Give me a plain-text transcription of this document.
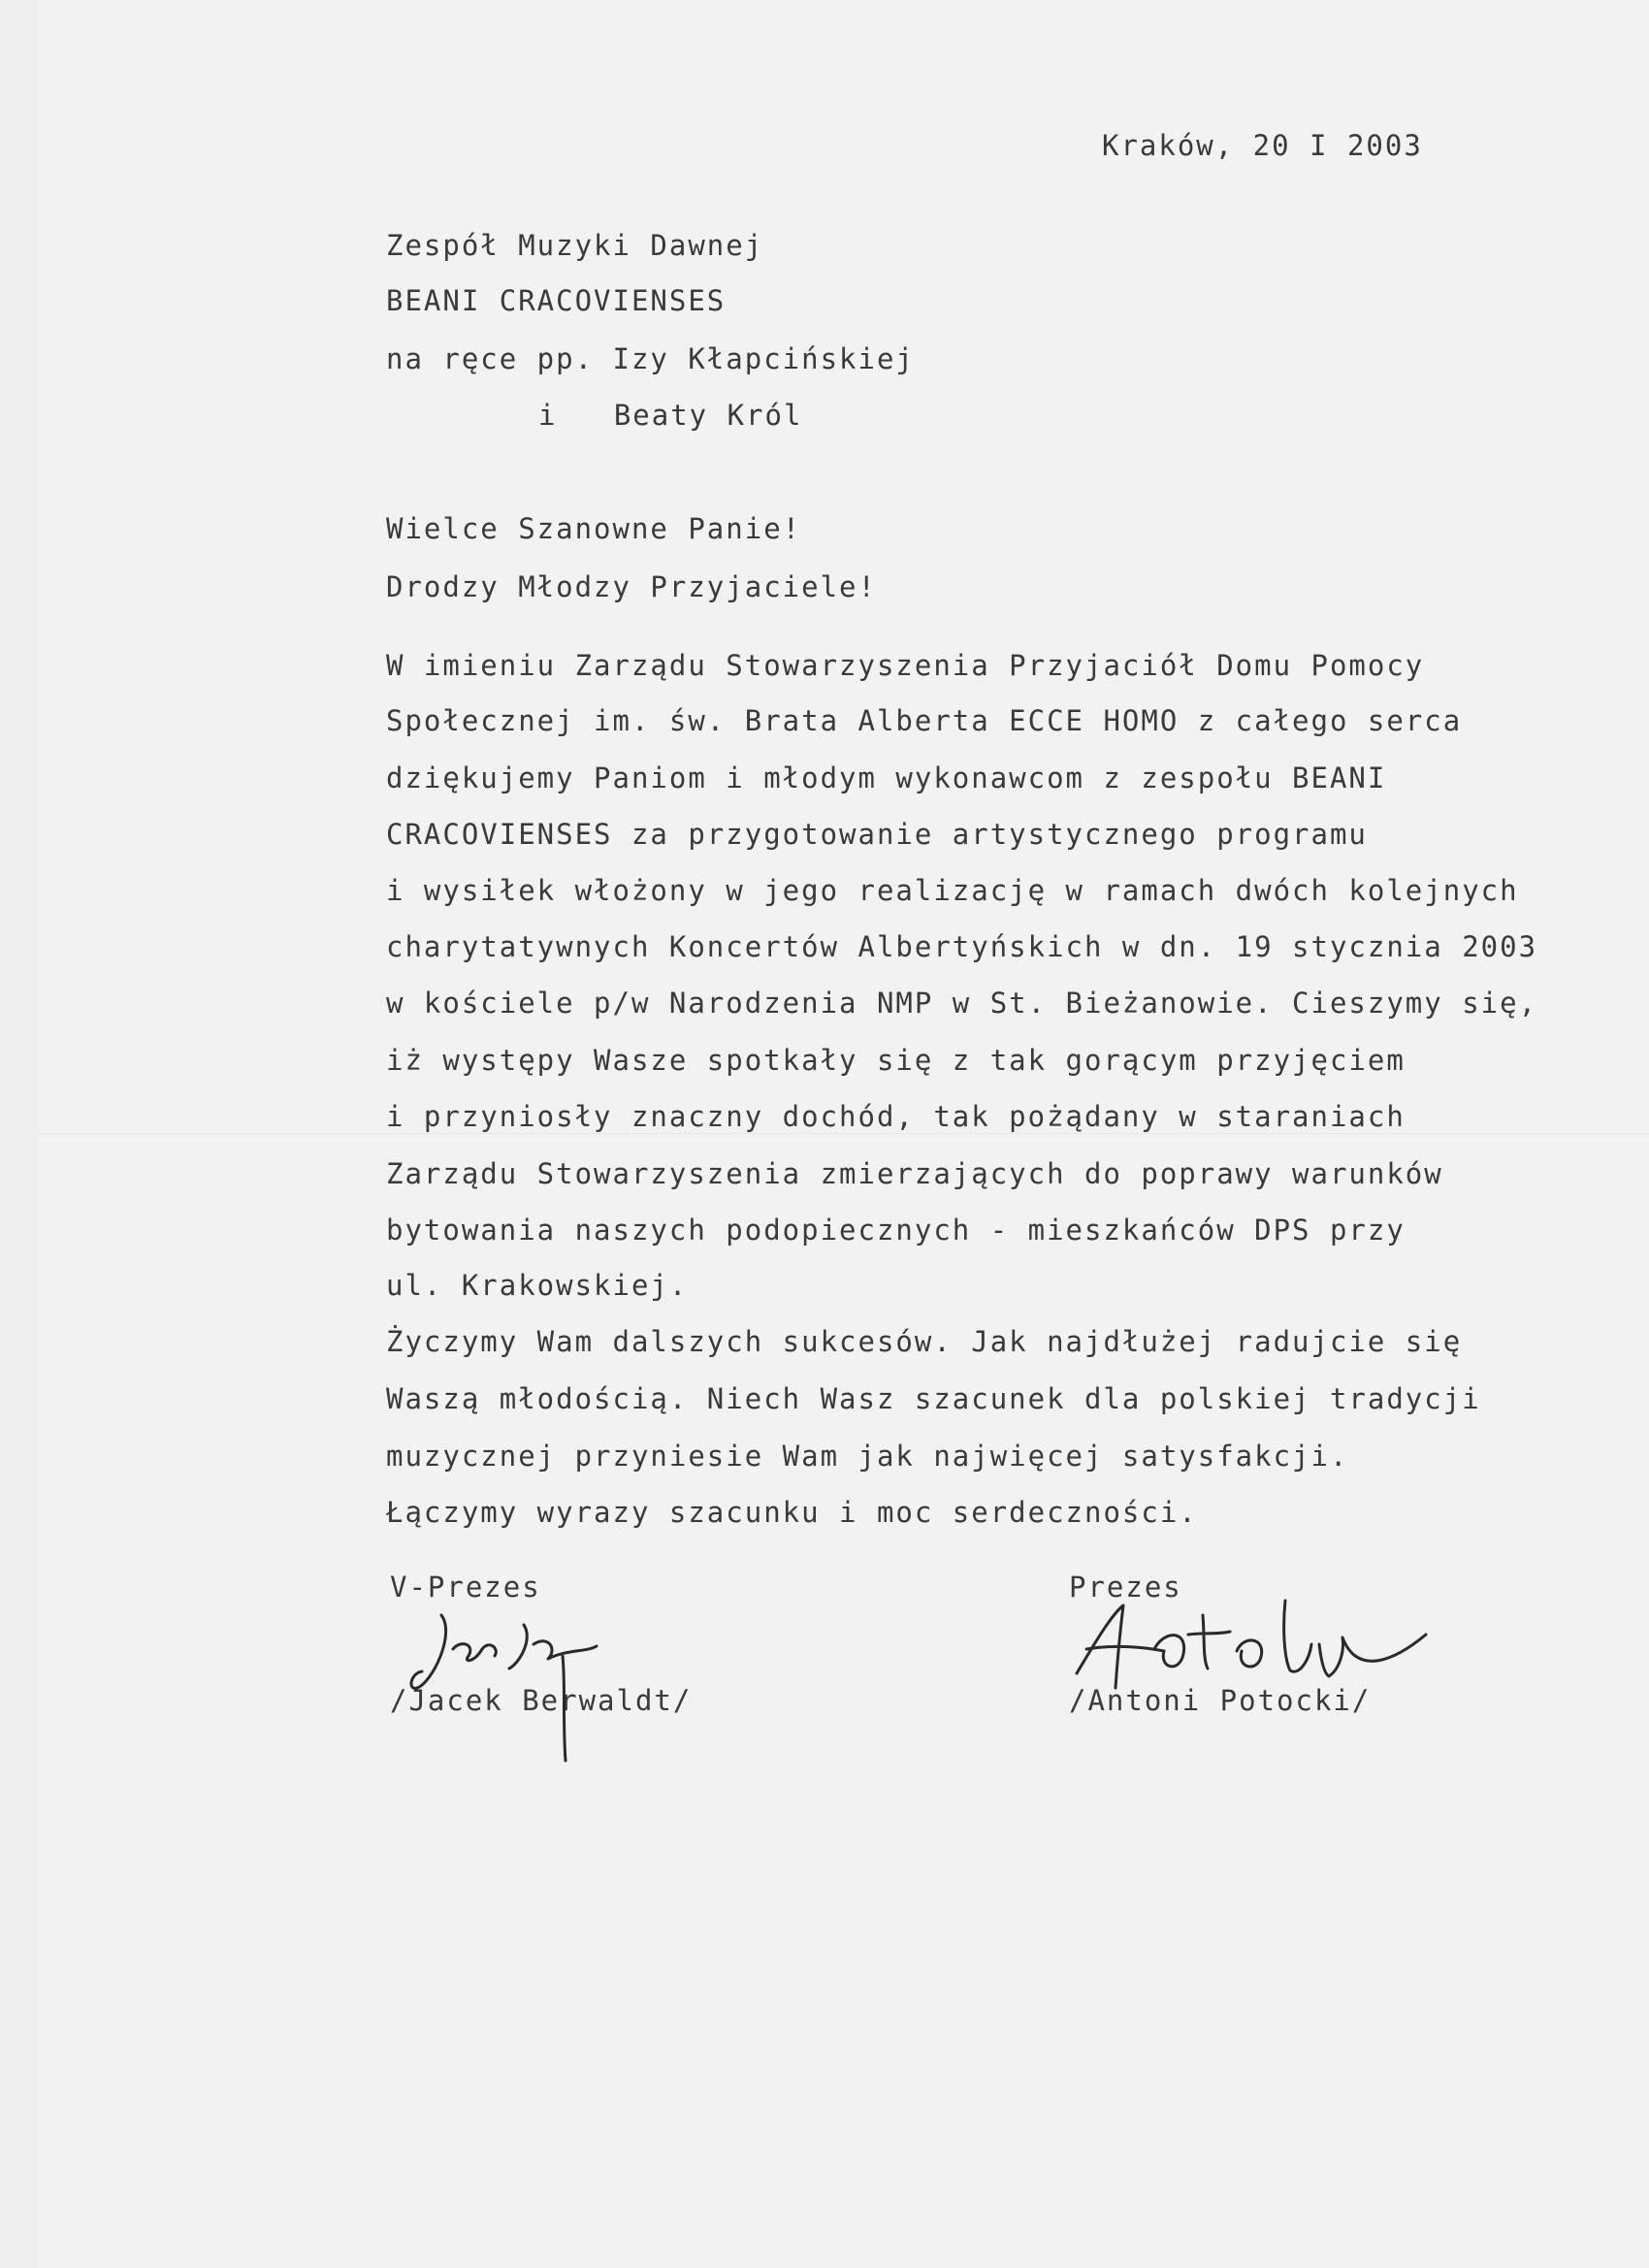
Kraków, 20 I 2003
Zespół Muzyki Dawnej
BEANI CRACOVIENSES
na ręce pp. Izy Kłapcińskiej
i   Beaty Król
Wielce Szanowne Panie!
Drodzy Młodzy Przyjaciele!
W imieniu Zarządu Stowarzyszenia Przyjaciół Domu Pomocy
Społecznej im. św. Brata Alberta ECCE HOMO z całego serca
dziękujemy Paniom i młodym wykonawcom z zespołu BEANI
CRACOVIENSES za przygotowanie artystycznego programu
i wysiłek włożony w jego realizację w ramach dwóch kolejnych
charytatywnych Koncertów Albertyńskich w dn. 19 stycznia 2003
w kościele p/w Narodzenia NMP w St. Bieżanowie. Cieszymy się,
iż występy Wasze spotkały się z tak gorącym przyjęciem
i przyniosły znaczny dochód, tak pożądany w staraniach
Zarządu Stowarzyszenia zmierzających do poprawy warunków
bytowania naszych podopiecznych - mieszkańców DPS przy
ul. Krakowskiej.
Życzymy Wam dalszych sukcesów. Jak najdłużej radujcie się
Waszą młodością. Niech Wasz szacunek dla polskiej tradycji
muzycznej przyniesie Wam jak najwięcej satysfakcji.
Łączymy wyrazy szacunku i moc serdeczności.
V-Prezes
/Jacek Berwaldt/
Prezes
/Antoni Potocki/
